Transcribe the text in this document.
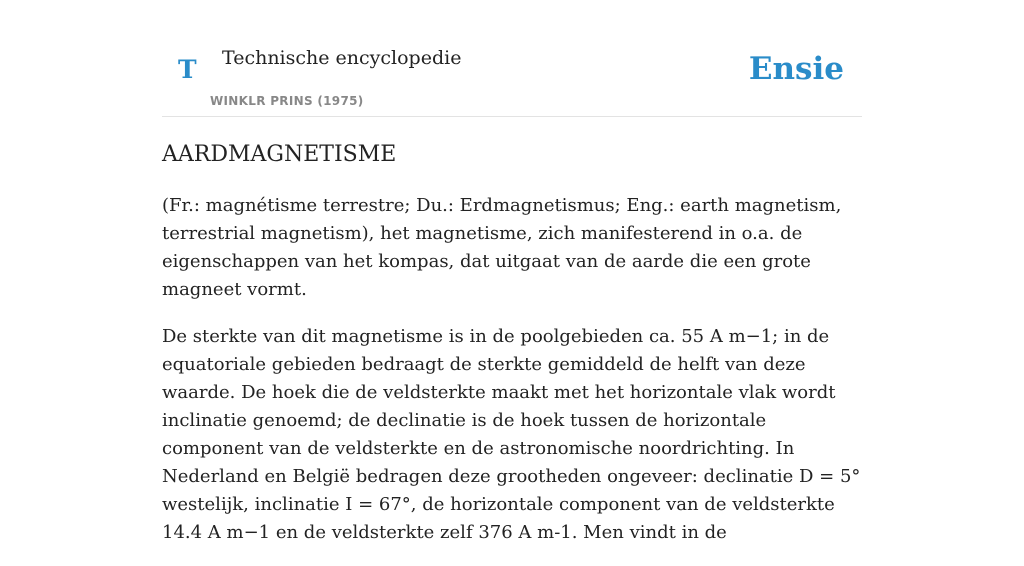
T Technische encyclopedie
WINKLR PRINS (1975)
Ensie
AARDMAGNETISME

(Fr.: magnétisme terrestre; Du.: Erdmagnetismus; Eng.: earth magnetism, terrestrial magnetism), het magnetisme, zich manifesterend in o.a. de eigenschappen van het kompas, dat uitgaat van de aarde die een grote magneet vormt.

De sterkte van dit magnetisme is in de poolgebieden ca. 55 A m−1; in de equatoriale gebieden bedraagt de sterkte gemiddeld de helft van deze waarde. De hoek die de veldsterkte maakt met het horizontale vlak wordt inclinatie genoemd; de declinatie is de hoek tussen de horizontale component van de veldsterkte en de astronomische noordrichting. In Nederland en België bedragen deze grootheden ongeveer: declinatie D = 5° westelijk, inclinatie I = 67°, de horizontale component van de veldsterkte 14.4 A m−1 en de veldsterkte zelf 376 A m-1. Men vindt in de
